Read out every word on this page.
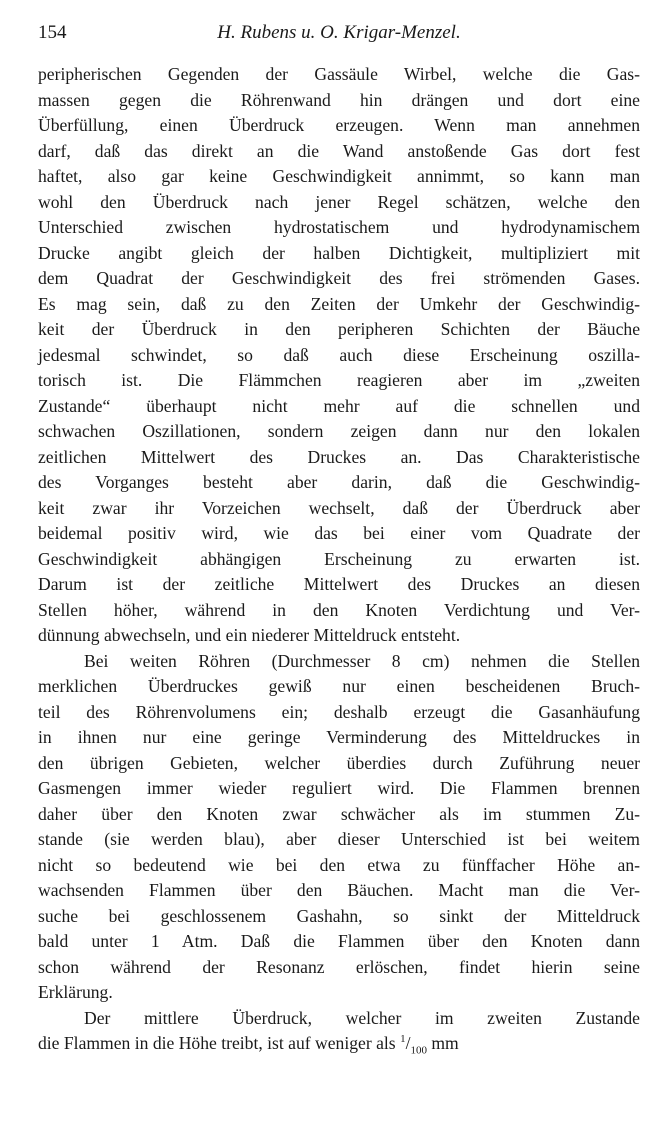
154	H. Rubens u. O. Krigar-Menzel.

peripherischen Gegenden der Gassäule Wirbel, welche die Gas-
massen gegen die Röhrenwand hin drängen und dort eine
Überfüllung, einen Überdruck erzeugen. Wenn man annehmen
darf, daß das direkt an die Wand anstoßende Gas dort fest
haftet, also gar keine Geschwindigkeit annimmt, so kann man
wohl den Überdruck nach jener Regel schätzen, welche den
Unterschied zwischen hydrostatischem und hydrodynamischem
Drucke angibt gleich der halben Dichtigkeit, multipliziert mit
dem Quadrat der Geschwindigkeit des frei strömenden Gases.
Es mag sein, daß zu den Zeiten der Umkehr der Geschwindig-
keit der Überdruck in den peripheren Schichten der Bäuche
jedesmal schwindet, so daß auch diese Erscheinung oszilla-
torisch ist. Die Flämmchen reagieren aber im „zweiten
Zustande“ überhaupt nicht mehr auf die schnellen und
schwachen Oszillationen, sondern zeigen dann nur den lokalen
zeitlichen Mittelwert des Druckes an. Das Charakteristische
des Vorganges besteht aber darin, daß die Geschwindig-
keit zwar ihr Vorzeichen wechselt, daß der Überdruck aber
beidemal positiv wird, wie das bei einer vom Quadrate der
Geschwindigkeit abhängigen Erscheinung zu erwarten ist.
Darum ist der zeitliche Mittelwert des Druckes an diesen
Stellen höher, während in den Knoten Verdichtung und Ver-
dünnung abwechseln, und ein niederer Mitteldruck entsteht.

Bei weiten Röhren (Durchmesser 8 cm) nehmen die Stellen
merklichen Überdruckes gewiß nur einen bescheidenen Bruch-
teil des Röhrenvolumens ein; deshalb erzeugt die Gasanhäufung
in ihnen nur eine geringe Verminderung des Mitteldruckes in
den übrigen Gebieten, welcher überdies durch Zuführung neuer
Gasmengen immer wieder reguliert wird. Die Flammen brennen
daher über den Knoten zwar schwächer als im stummen Zu-
stande (sie werden blau), aber dieser Unterschied ist bei weitem
nicht so bedeutend wie bei den etwa zu fünffacher Höhe an-
wachsenden Flammen über den Bäuchen. Macht man die Ver-
suche bei geschlossenem Gashahn, so sinkt der Mitteldruck
bald unter 1 Atm. Daß die Flammen über den Knoten dann
schon während der Resonanz erlöschen, findet hierin seine
Erklärung.

Der mittlere Überdruck, welcher im zweiten Zustande
die Flammen in die Höhe treibt, ist auf weniger als $^1/_{100}$ mm
